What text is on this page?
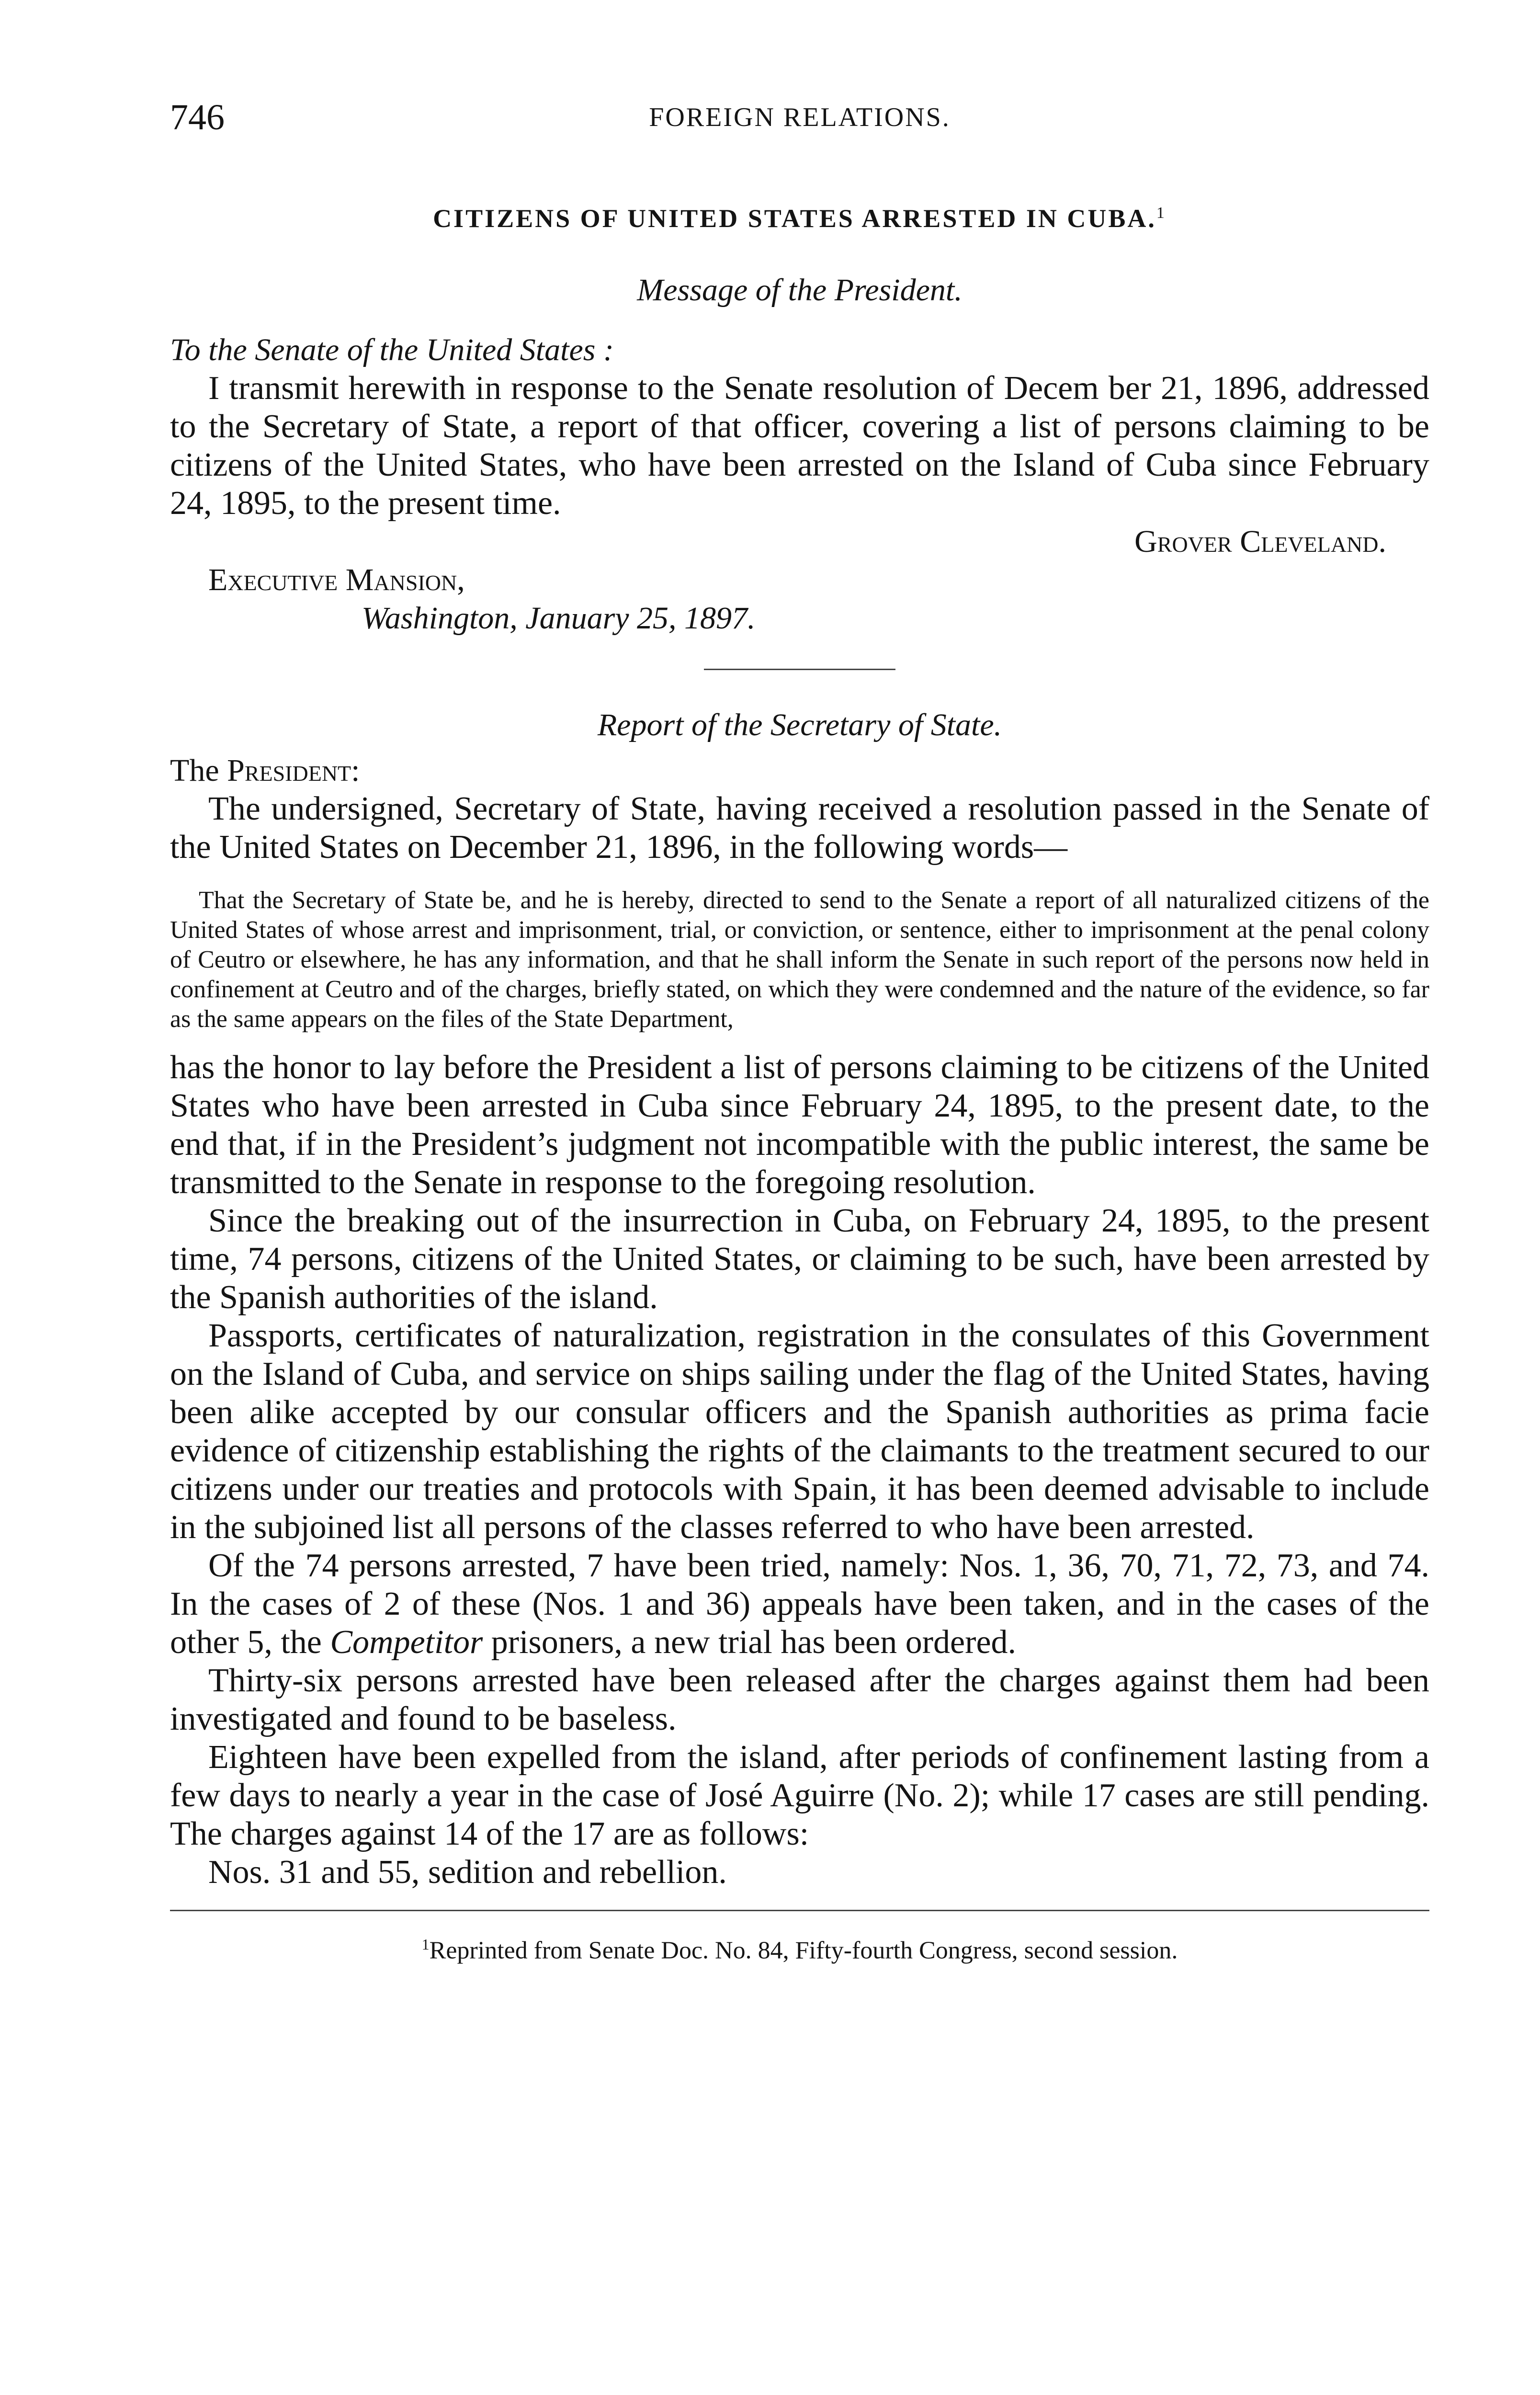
746	FOREIGN RELATIONS.
CITIZENS OF UNITED STATES ARRESTED IN CUBA.$^1$
Message of the President.
To the Senate of the United States :

I transmit herewith in response to the Senate resolution of Decem ber 21, 1896, addressed to the Secretary of State, a report of that officer, covering a list of persons claiming to be citizens of the United States, who have been arrested on the Island of Cuba since February 24, 1895, to the present time.

Grover Cleveland.
Executive Mansion,
Washington, January 25, 1897.
Report of the Secretary of State.
The President:

The undersigned, Secretary of State, having received a resolution passed in the Senate of the United States on December 21, 1896, in the following words—

That the Secretary of State be, and he is hereby, directed to send to the Senate a report of all naturalized citizens of the United States of whose arrest and imprisonment, trial, or conviction, or sentence, either to imprisonment at the penal colony of Ceutro or elsewhere, he has any information, and that he shall inform the Senate in such report of the persons now held in confinement at Ceutro and of the charges, briefly stated, on which they were condemned and the nature of the evidence, so far as the same appears on the files of the State Department,

has the honor to lay before the President a list of persons claiming to be citizens of the United States who have been arrested in Cuba since February 24, 1895, to the present date, to the end that, if in the President’s judgment not incompatible with the public interest, the same be transmitted to the Senate in response to the foregoing resolution.

Since the breaking out of the insurrection in Cuba, on February 24, 1895, to the present time, 74 persons, citizens of the United States, or claiming to be such, have been arrested by the Spanish authorities of the island.

Passports, certificates of naturalization, registration in the consulates of this Government on the Island of Cuba, and service on ships sailing under the flag of the United States, having been alike accepted by our consular officers and the Spanish authorities as prima facie evidence of citizenship establishing the rights of the claimants to the treatment secured to our citizens under our treaties and protocols with Spain, it has been deemed advisable to include in the subjoined list all persons of the classes referred to who have been arrested.

Of the 74 persons arrested, 7 have been tried, namely: Nos. 1, 36, 70, 71, 72, 73, and 74. In the cases of 2 of these (Nos. 1 and 36) appeals have been taken, and in the cases of the other 5, the Competitor prisoners, a new trial has been ordered.

Thirty-six persons arrested have been released after the charges against them had been investigated and found to be baseless.

Eighteen have been expelled from the island, after periods of confinement lasting from a few days to nearly a year in the case of José Aguirre (No. 2); while 17 cases are still pending. The charges against 14 of the 17 are as follows:

Nos. 31 and 55, sedition and rebellion.

$^1$Reprinted from Senate Doc. No. 84, Fifty-fourth Congress, second session.
